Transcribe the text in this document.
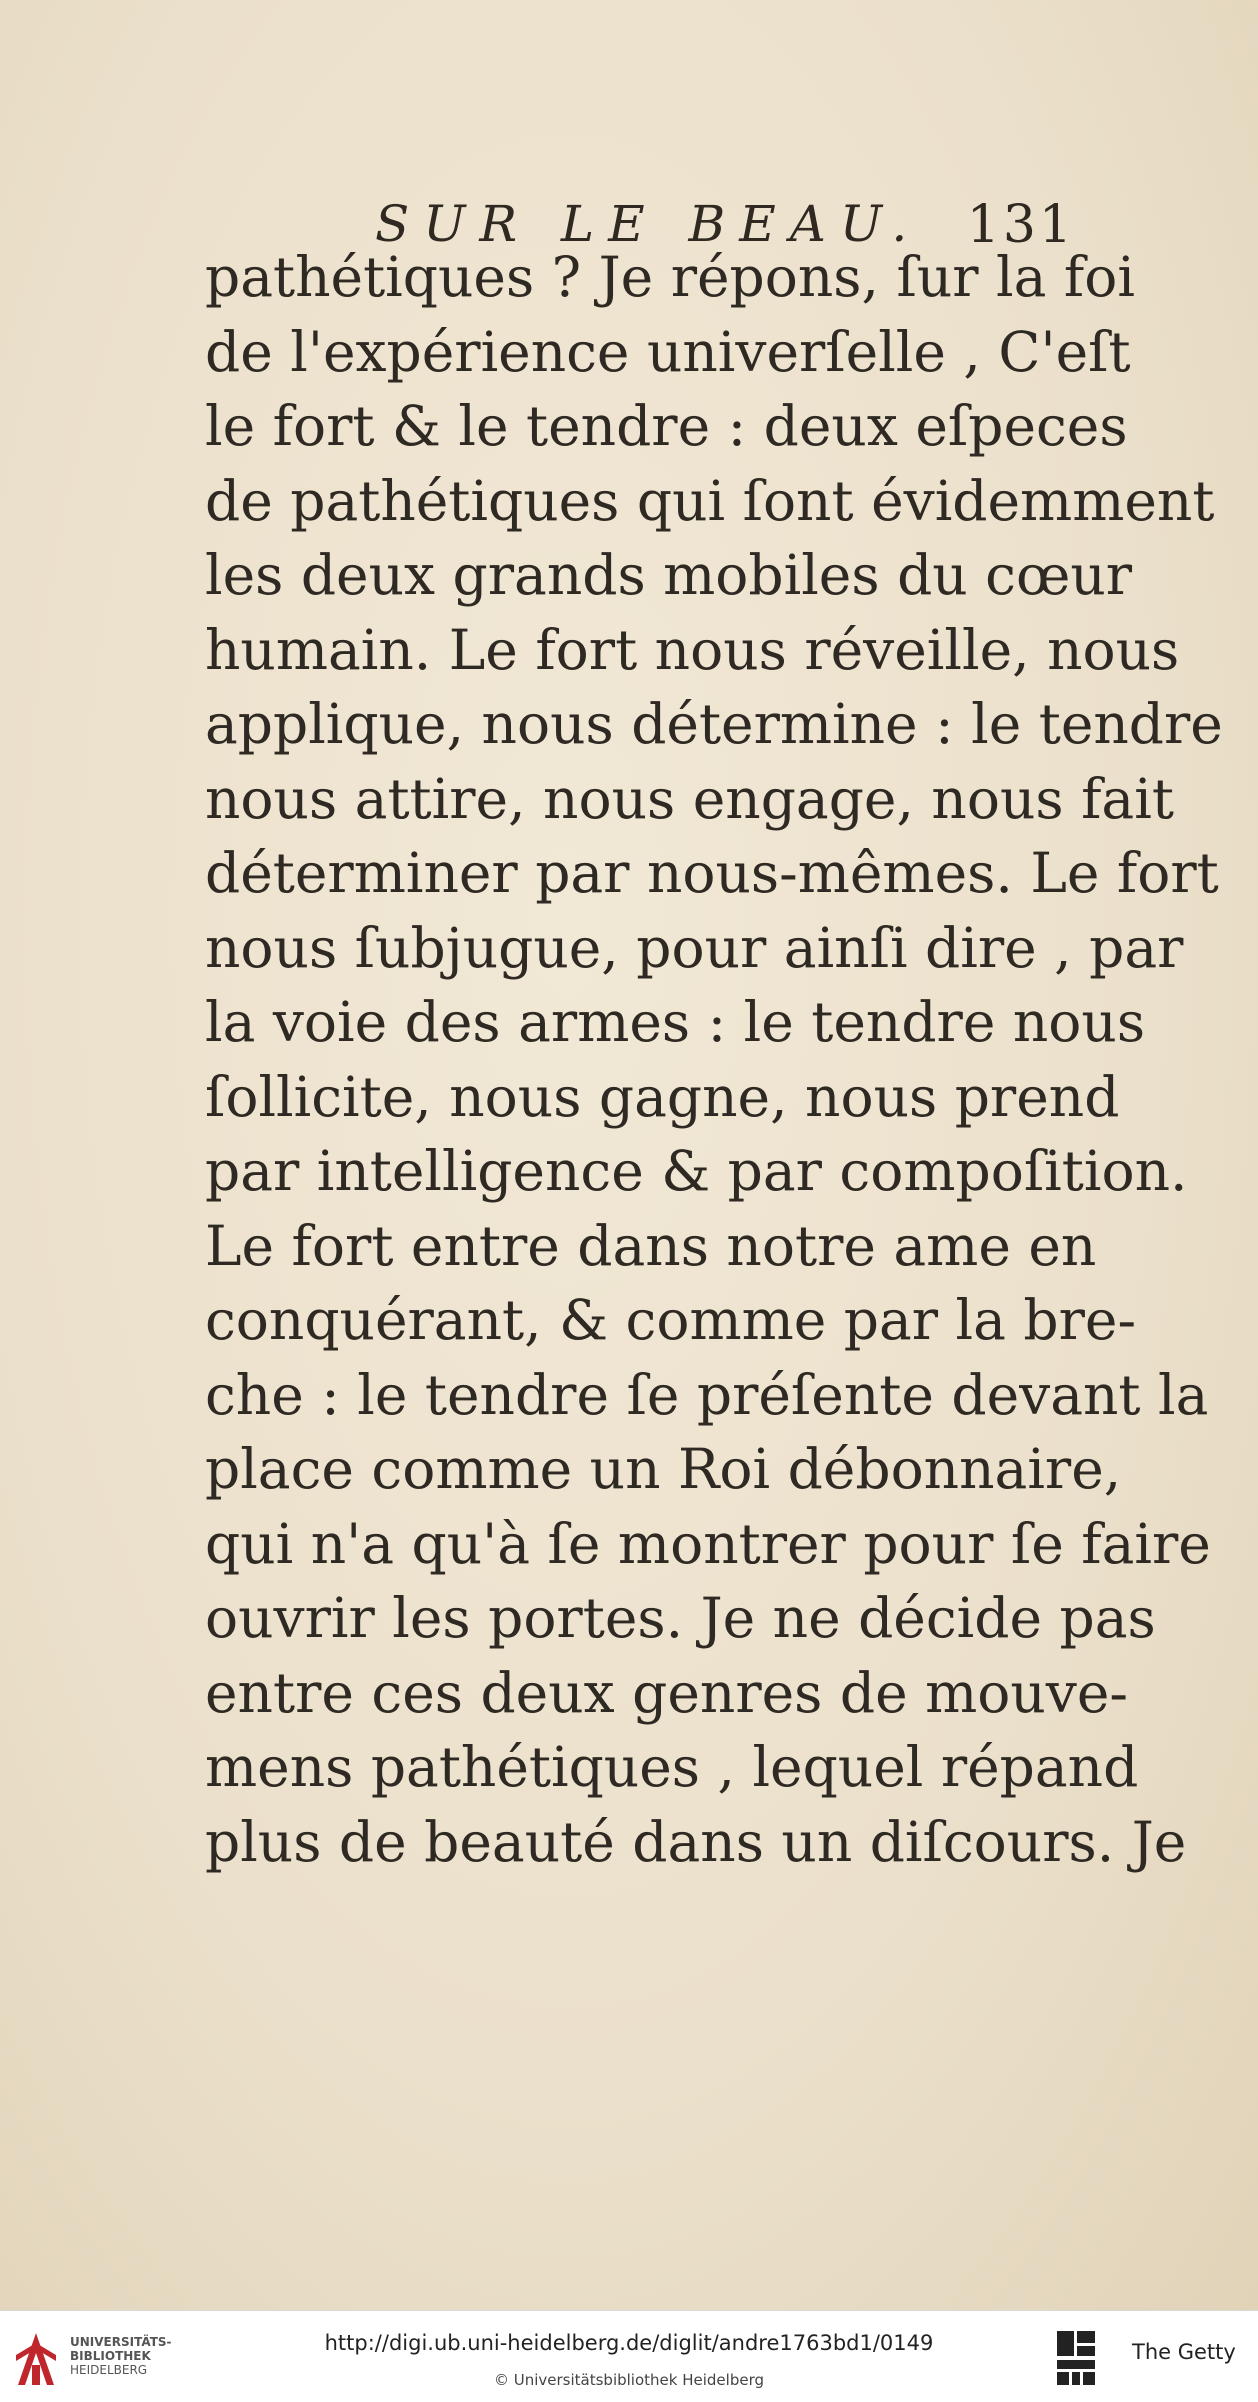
SUR LE BEAU. 131
pathétiques ? Je répons, ſur la foi
de l'expérience univerſelle , C'eſt
le fort & le tendre : deux eſpeces
de pathétiques qui ſont évidemment
les deux grands mobiles du cœur
humain. Le fort nous réveille, nous
applique, nous détermine : le tendre
nous attire, nous engage, nous fait
déterminer par nous-mêmes. Le fort
nous ſubjugue, pour ainſi dire , par
la voie des armes : le tendre nous
ſollicite, nous gagne, nous prend
par intelligence & par compoſition.
Le fort entre dans notre ame en
conquérant, & comme par la bre-
che : le tendre ſe préſente devant la
place comme un Roi débonnaire,
qui n'a qu'à ſe montrer pour ſe faire
ouvrir les portes. Je ne décide pas
entre ces deux genres de mouve-
mens pathétiques , lequel répand
plus de beauté dans un diſcours. Je
UNIVERSITÄTS-
BIBLIOTHEK
HEIDELBERG
http://digi.ub.uni-heidelberg.de/diglit/andre1763bd1/0149
© Universitätsbibliothek Heidelberg
The Getty
